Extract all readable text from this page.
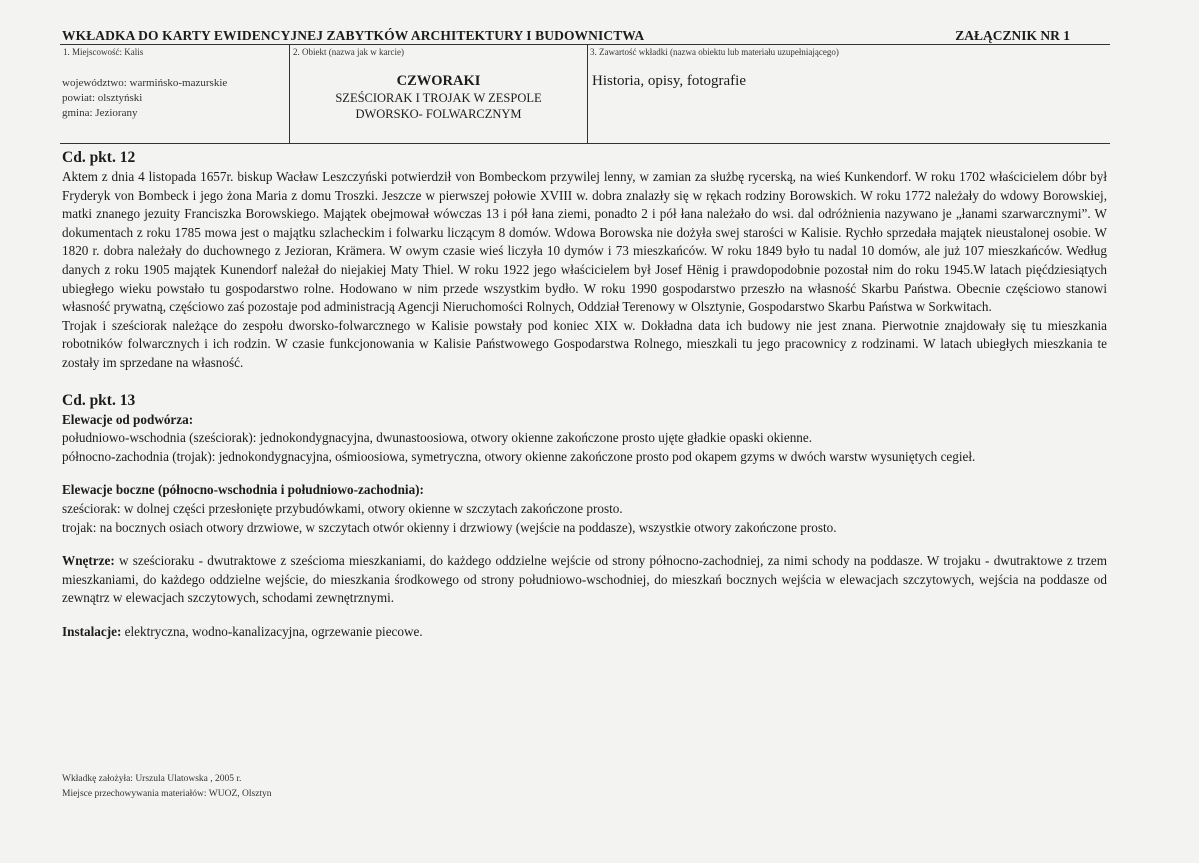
WKŁADKA DO KARTY EWIDENCYJNEJ ZABYTKÓW ARCHITEKTURY I BUDOWNICTWA	ZAŁĄCZNIK NR 1
1. Miejscowość: Kalis
województwo: warmińsko-mazurskie
powiat: olsztyński
gmina: Jeziorany
2. Obiekt (nazwa jak w karcie)
CZWORAKI
SZEŚCIORAK I TROJAK W ZESPOLE
DWORSKO- FOLWARCZNYM
3. Zawartość wkładki (nazwa obiektu lub materiału uzupełniającego)
Historia, opisy, fotografie
Cd. pkt. 12

Aktem z dnia 4 listopada 1657r. biskup Wacław Leszczyński potwierdził von Bombeckom przywilej lenny, w zamian za służbę rycerską, na wieś Kunkendorf. W roku 1702 właścicielem dóbr był Fryderyk von Bombeck i jego żona Maria z domu Troszki. Jeszcze w pierwszej połowie XVIII w. dobra znalazły się w rękach rodziny Borowskich. W roku 1772 należały do wdowy Borowskiej, matki znanego jezuity Franciszka Borowskiego. Majątek obejmował wówczas 13 i pół łana ziemi, ponadto 2 i pół łana należało do wsi. dal odróżnienia nazywano je „łanami szarwarcznymi”. W dokumentach z roku 1785 mowa jest o majątku szlacheckim i folwarku liczącym 8 domów. Wdowa Borowska nie dożyła swej starości w Kalisie. Rychło sprzedała majątek nieustalonej osobie. W 1820 r. dobra należały do duchownego z Jezioran, Krämera. W owym czasie wieś liczyła 10 dymów i 73 mieszkańców. W roku 1849 było tu nadal 10 domów, ale już 107 mieszkańców. Według danych z roku 1905 majątek Kunendorf należał do niejakiej Maty Thiel. W roku 1922 jego właścicielem był Josef Hënig i prawdopodobnie pozostał nim do roku 1945.W latach pięćdziesiątych ubiegłego wieku powstało tu gospodarstwo rolne. Hodowano w nim przede wszystkim bydło. W roku 1990 gospodarstwo przeszło na własność Skarbu Państwa. Obecnie częściowo stanowi własność prywatną, częściowo zaś pozostaje pod administracją Agencji Nieruchomości Rolnych, Oddział Terenowy w Olsztynie, Gospodarstwo Skarbu Państwa w Sorkwitach.

Trojak i sześciorak należące do zespołu dworsko-folwarcznego w Kalisie powstały pod koniec XIX w. Dokładna data ich budowy nie jest znana. Pierwotnie znajdowały się tu mieszkania robotników folwarcznych i ich rodzin. W czasie funkcjonowania w Kalisie Państwowego Gospodarstwa Rolnego, mieszkali tu jego pracownicy z rodzinami. W latach ubiegłych mieszkania te zostały im sprzedane na własność.

Cd. pkt. 13
Elewacje od podwórza:

południowo-wschodnia (sześciorak): jednokondygnacyjna, dwunastoosiowa, otwory okienne zakończone prosto ujęte gładkie opaski okienne.

północno-zachodnia (trojak): jednokondygnacyjna, ośmioosiowa, symetryczna, otwory okienne zakończone prosto pod okapem gzyms w dwóch warstw wysuniętych cegieł.

Elewacje boczne (północno-wschodnia i południowo-zachodnia):

sześciorak: w dolnej części przesłonięte przybudówkami, otwory okienne w szczytach zakończone prosto.

trojak: na bocznych osiach otwory drzwiowe, w szczytach otwór okienny i drzwiowy (wejście na poddasze), wszystkie otwory zakończone prosto.

Wnętrze: w sześcioraku - dwutraktowe z sześcioma mieszkaniami, do każdego oddzielne wejście od strony północno-zachodniej, za nimi schody na poddasze. W trojaku - dwutraktowe z trzem mieszkaniami, do każdego oddzielne wejście, do mieszkania środkowego od strony południowo-wschodniej, do mieszkań bocznych wejścia w elewacjach szczytowych, wejścia na poddasze od zewnątrz w elewacjach szczytowych, schodami zewnętrznymi.

Instalacje: elektryczna, wodno-kanalizacyjna, ogrzewanie piecowe.

Wkładkę założyła: Urszula Ulatowska , 2005 r.
Miejsce przechowywania materiałów: WUOZ, Olsztyn
